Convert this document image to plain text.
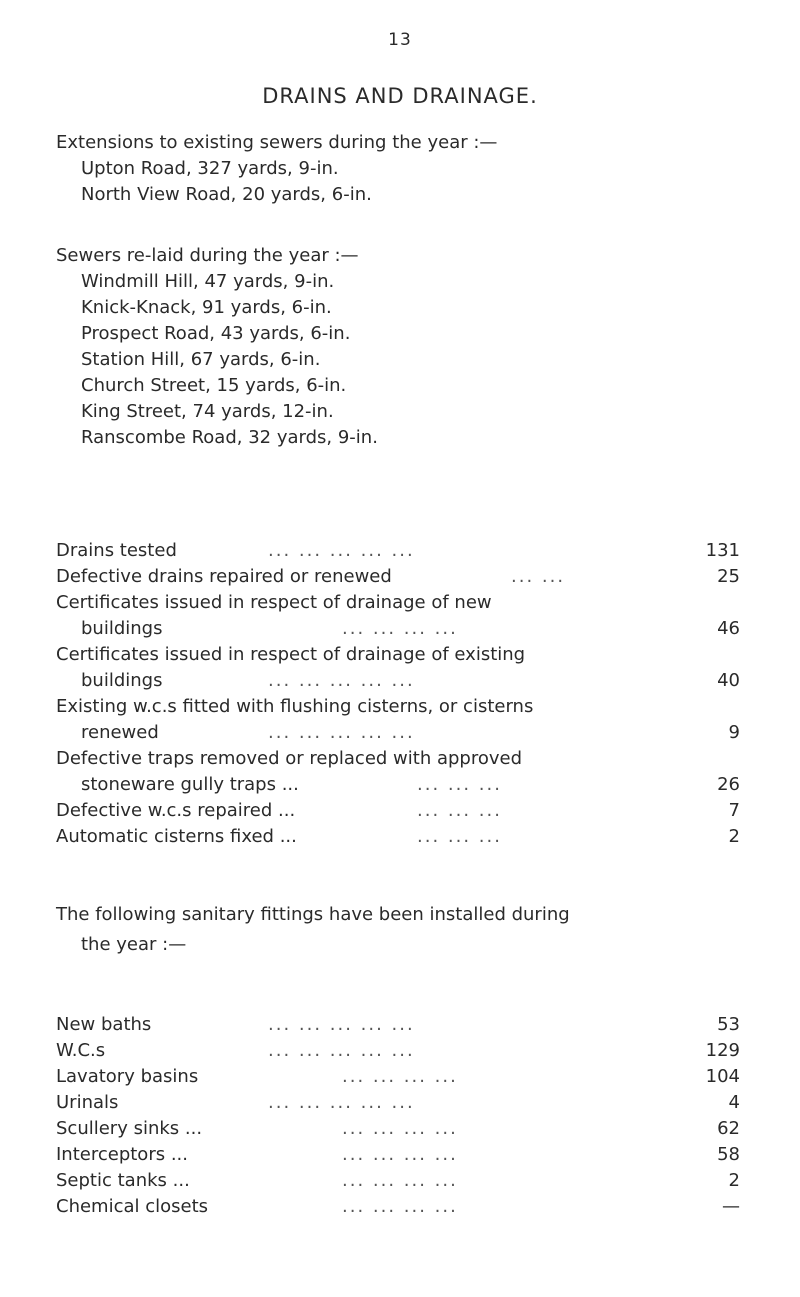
13
DRAINS AND DRAINAGE.

Extensions to existing sewers during the year :—

Upton Road, 327 yards, 9-in.
North View Road, 20 yards, 6-in.

Sewers re-laid during the year :—

Windmill Hill, 47 yards, 9-in.
Knick-Knack, 91 yards, 6-in.
Prospect Road, 43 yards, 6-in.
Station Hill, 67 yards, 6-in.
Church Street, 15 yards, 6-in.
King Street, 74 yards, 12-in.
Ranscombe Road, 32 yards, 9-in.
Drains tested	... ... ... ... ...	131
Defective drains repaired or renewed	... ...	25
Certificates issued in respect of drainage of new
buildings	... ... ... ...	46
Certificates issued in respect of drainage of existing
buildings	... ... ... ... ...	40
Existing w.c.s fitted with flushing cisterns, or cisterns
renewed	... ... ... ... ...	9
Defective traps removed or replaced with approved
stoneware gully traps ...	... ... ...	26
Defective w.c.s repaired ...	... ... ...	7
Automatic cisterns fixed ...	... ... ...	2
The following sanitary fittings have been installed during
the year :—
New baths	... ... ... ... ...	53
W.C.s	... ... ... ... ...	129
Lavatory basins	... ... ... ...	104
Urinals	... ... ... ... ...	4
Scullery sinks ...	... ... ... ...	62
Interceptors ...	... ... ... ...	58
Septic tanks ...	... ... ... ...	2
Chemical closets	... ... ... ...	—
